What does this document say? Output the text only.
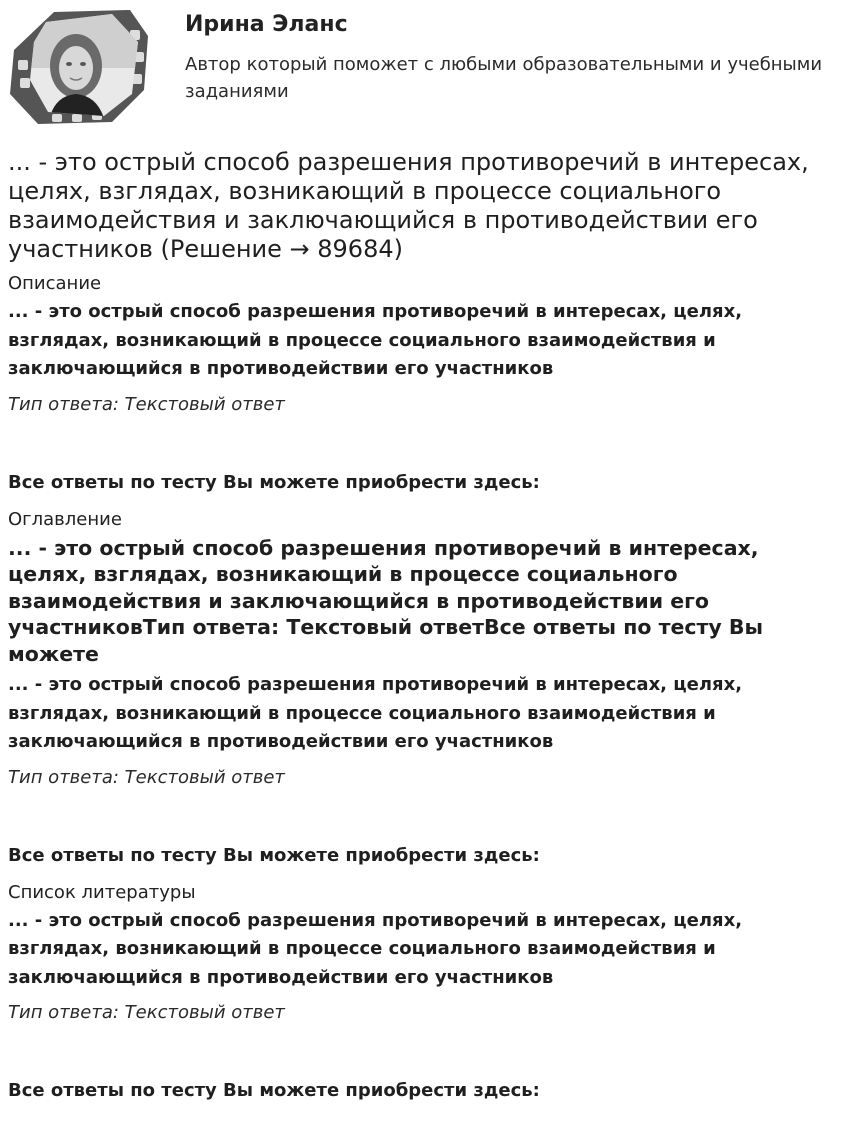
Ирина Эланс

Автор который поможет с любыми образовательными и учебными заданиями

... - это острый способ разрешения противоречий в интересах, целях, взглядах, возникающий в процессе социального взаимодействия и заключающийся в противодействии его участников (Решение → 89684)

Описание

... - это острый способ разрешения противоречий в интересах, целях, взглядах, возникающий в процессе социального взаимодействия и заключающийся в противодействии его участников

Тип ответа: Текстовый ответ

Все ответы по тесту Вы можете приобрести здесь:

Оглавление

... - это острый способ разрешения противоречий в интересах, целях, взглядах, возникающий в процессе социального взаимодействия и заключающийся в противодействии его участниковТип ответа: Текстовый ответВсе ответы по тесту Вы можете

... - это острый способ разрешения противоречий в интересах, целях, взглядах, возникающий в процессе социального взаимодействия и заключающийся в противодействии его участников

Тип ответа: Текстовый ответ

Все ответы по тесту Вы можете приобрести здесь:

Список литературы

... - это острый способ разрешения противоречий в интересах, целях, взглядах, возникающий в процессе социального взаимодействия и заключающийся в противодействии его участников

Тип ответа: Текстовый ответ

Все ответы по тесту Вы можете приобрести здесь:
